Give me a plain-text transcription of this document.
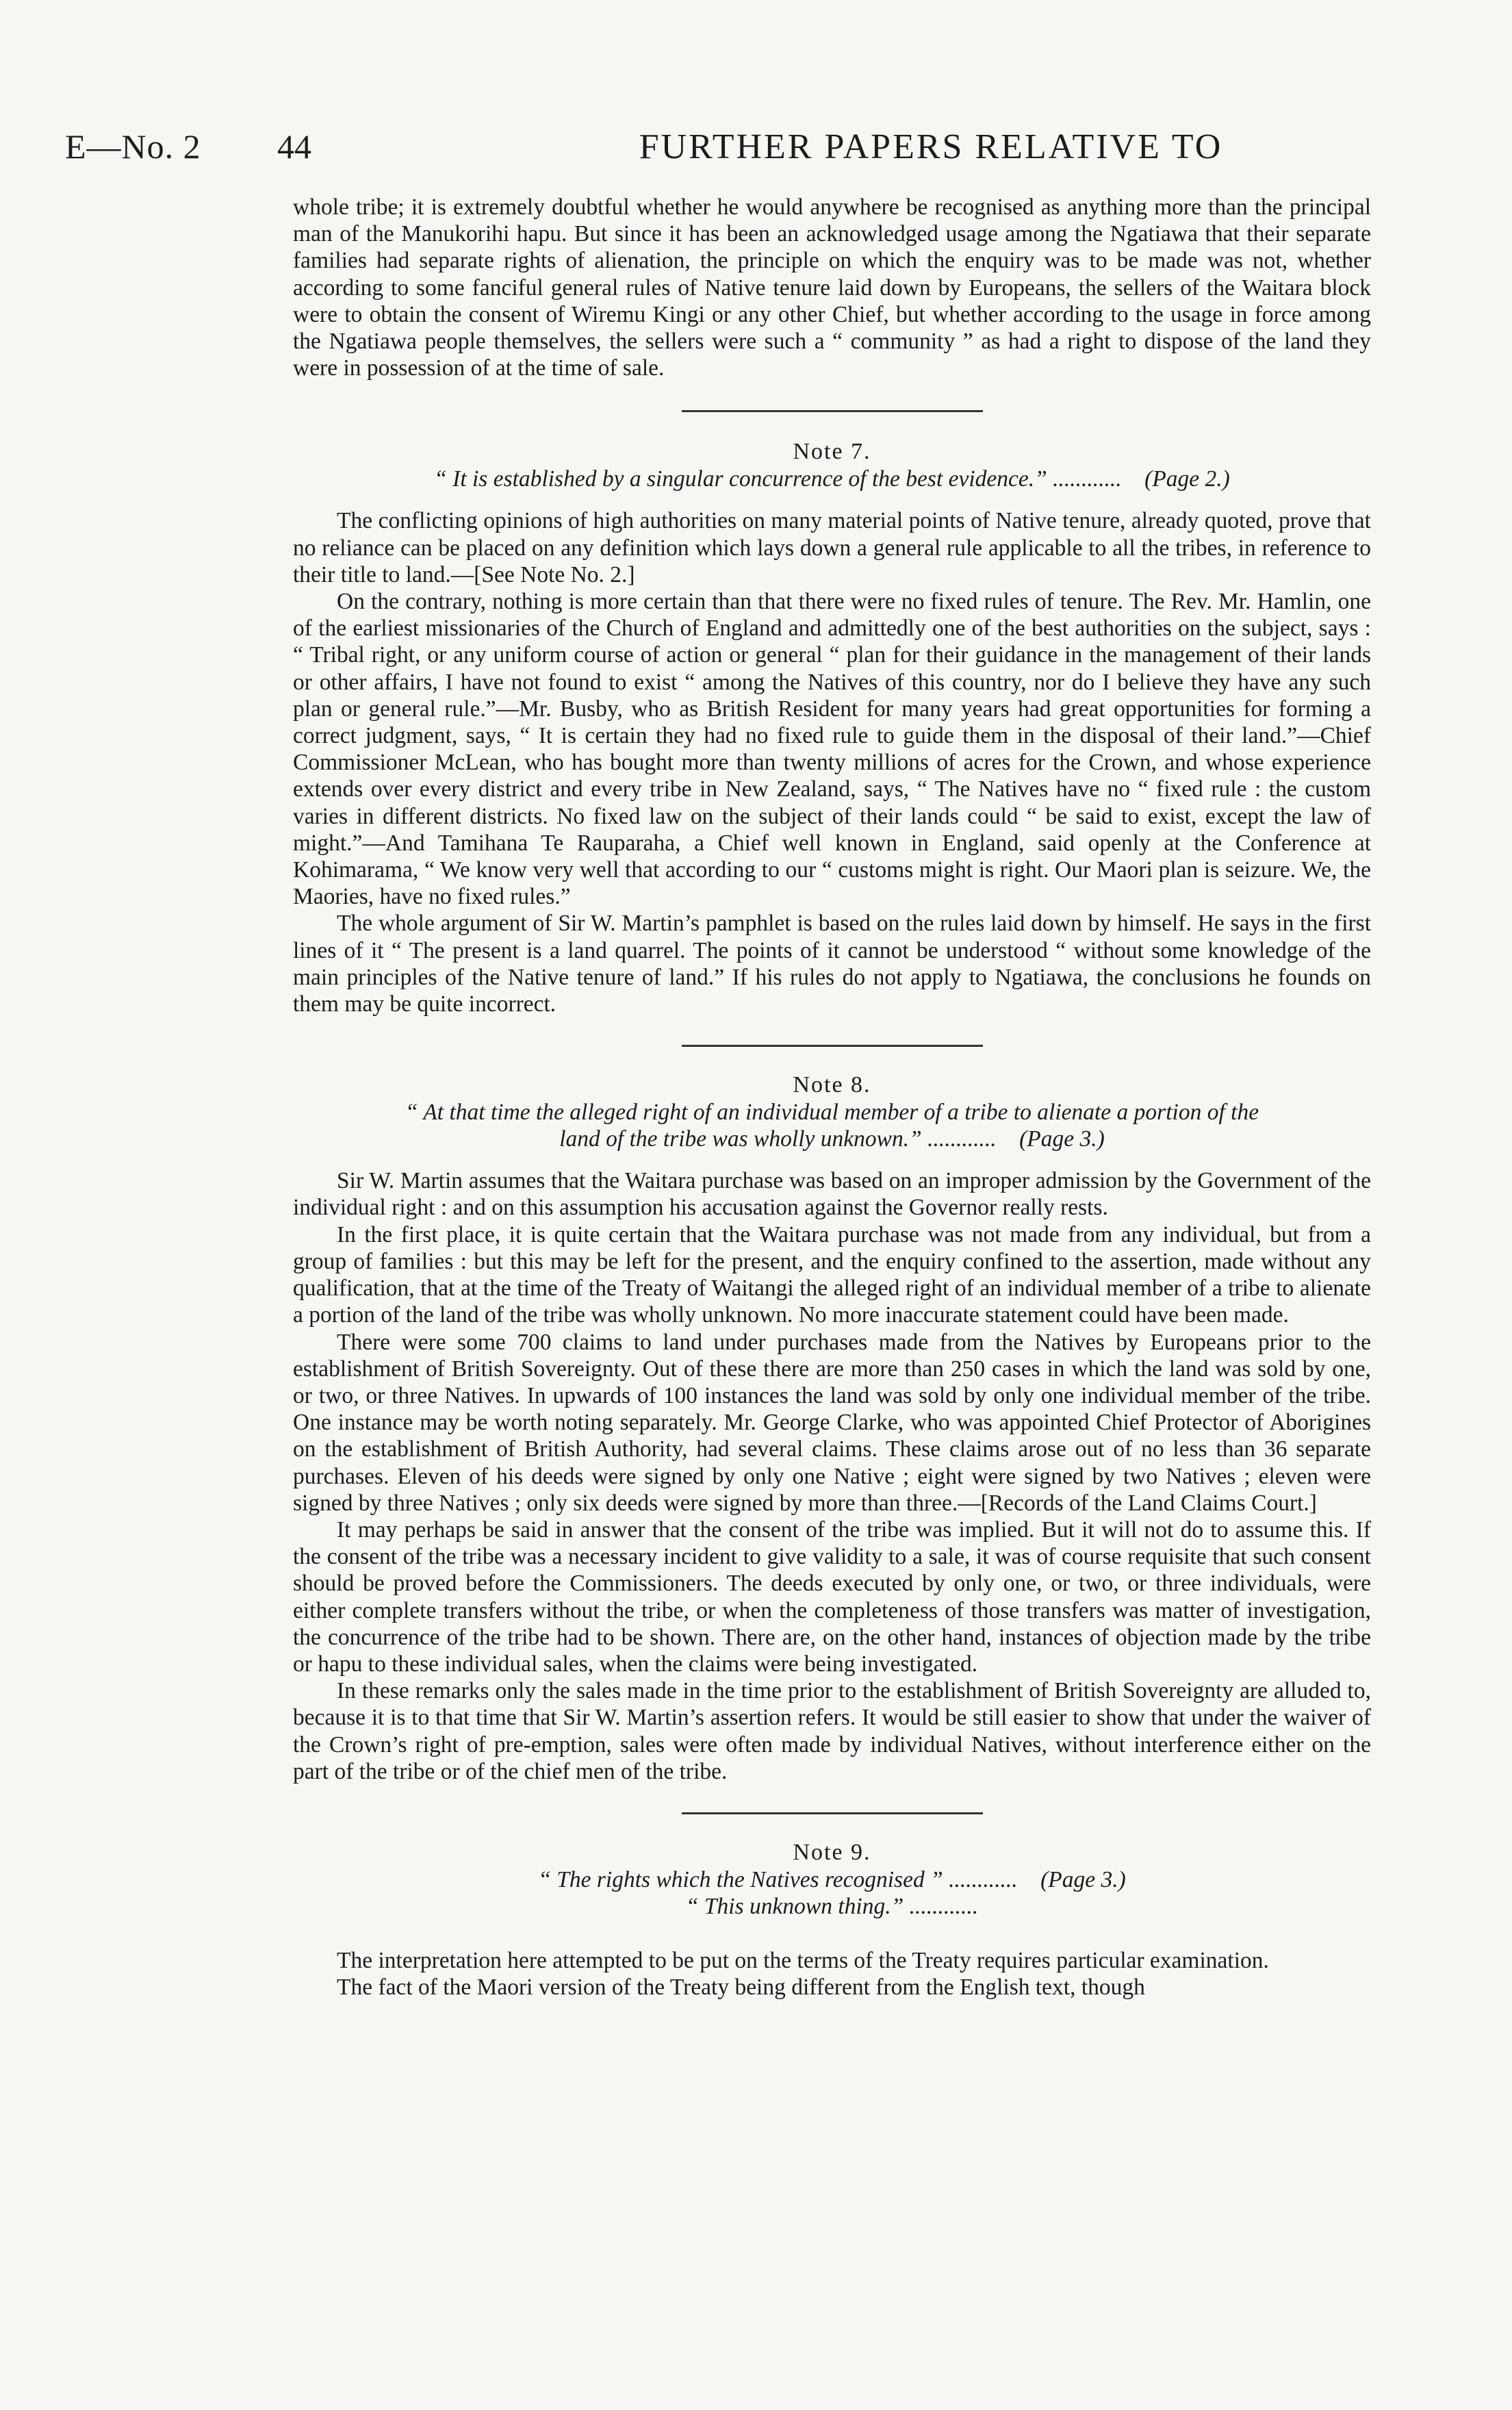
E—No. 2 44	FURTHER PAPERS RELATIVE TO

whole tribe; it is extremely doubtful whether he would anywhere be recognised as anything more than the principal man of the Manukorihi hapu. But since it has been an acknowledged usage among the Ngatiawa that their separate families had separate rights of alienation, the principle on which the enquiry was to be made was not, whether according to some fanciful general rules of Native tenure laid down by Europeans, the sellers of the Waitara block were to obtain the consent of Wiremu Kingi or any other Chief, but whether according to the usage in force among the Ngatiawa people themselves, the sellers were such a “ community ” as had a right to dispose of the land they were in possession of at the time of sale.

Note 7.
“ It is established by a singular concurrence of the best evidence.” ............ (Page 2.)

The conflicting opinions of high authorities on many material points of Native tenure, already quoted, prove that no reliance can be placed on any definition which lays down a general rule applicable to all the tribes, in reference to their title to land.—[See Note No. 2.]

On the contrary, nothing is more certain than that there were no fixed rules of tenure. The Rev. Mr. Hamlin, one of the earliest missionaries of the Church of England and admittedly one of the best authorities on the subject, says : “ Tribal right, or any uniform course of action or general “ plan for their guidance in the management of their lands or other affairs, I have not found to exist “ among the Natives of this country, nor do I believe they have any such plan or general rule.”—Mr. Busby, who as British Resident for many years had great opportunities for forming a correct judgment, says, “ It is certain they had no fixed rule to guide them in the disposal of their land.”—Chief Commissioner McLean, who has bought more than twenty millions of acres for the Crown, and whose experience extends over every district and every tribe in New Zealand, says, “ The Natives have no “ fixed rule : the custom varies in different districts. No fixed law on the subject of their lands could “ be said to exist, except the law of might.”—And Tamihana Te Rauparaha, a Chief well known in England, said openly at the Conference at Kohimarama, “ We know very well that according to our “ customs might is right. Our Maori plan is seizure. We, the Maories, have no fixed rules.”

The whole argument of Sir W. Martin’s pamphlet is based on the rules laid down by himself. He says in the first lines of it “ The present is a land quarrel. The points of it cannot be understood “ without some knowledge of the main principles of the Native tenure of land.” If his rules do not apply to Ngatiawa, the conclusions he founds on them may be quite incorrect.

Note 8.
“ At that time the alleged right of an individual member of a tribe to alienate a portion of the
land of the tribe was wholly unknown.” ............ (Page 3.)

Sir W. Martin assumes that the Waitara purchase was based on an improper admission by the Government of the individual right : and on this assumption his accusation against the Governor really rests.

In the first place, it is quite certain that the Waitara purchase was not made from any individual, but from a group of families : but this may be left for the present, and the enquiry confined to the assertion, made without any qualification, that at the time of the Treaty of Waitangi the alleged right of an individual member of a tribe to alienate a portion of the land of the tribe was wholly unknown. No more inaccurate statement could have been made.

There were some 700 claims to land under purchases made from the Natives by Europeans prior to the establishment of British Sovereignty. Out of these there are more than 250 cases in which the land was sold by one, or two, or three Natives. In upwards of 100 instances the land was sold by only one individual member of the tribe. One instance may be worth noting separately. Mr. George Clarke, who was appointed Chief Protector of Aborigines on the establishment of British Authority, had several claims. These claims arose out of no less than 36 separate purchases. Eleven of his deeds were signed by only one Native ; eight were signed by two Natives ; eleven were signed by three Natives ; only six deeds were signed by more than three.—[Records of the Land Claims Court.]

It may perhaps be said in answer that the consent of the tribe was implied. But it will not do to assume this. If the consent of the tribe was a necessary incident to give validity to a sale, it was of course requisite that such consent should be proved before the Commissioners. The deeds executed by only one, or two, or three individuals, were either complete transfers without the tribe, or when the completeness of those transfers was matter of investigation, the concurrence of the tribe had to be shown. There are, on the other hand, instances of objection made by the tribe or hapu to these individual sales, when the claims were being investigated.

In these remarks only the sales made in the time prior to the establishment of British Sovereignty are alluded to, because it is to that time that Sir W. Martin’s assertion refers. It would be still easier to show that under the waiver of the Crown’s right of pre-emption, sales were often made by individual Natives, without interference either on the part of the tribe or of the chief men of the tribe.

Note 9.
“ The rights which the Natives recognised ” ............ (Page 3.)
“ This unknown thing.” ............

The interpretation here attempted to be put on the terms of the Treaty requires particular examination.

The fact of the Maori version of the Treaty being different from the English text, though
